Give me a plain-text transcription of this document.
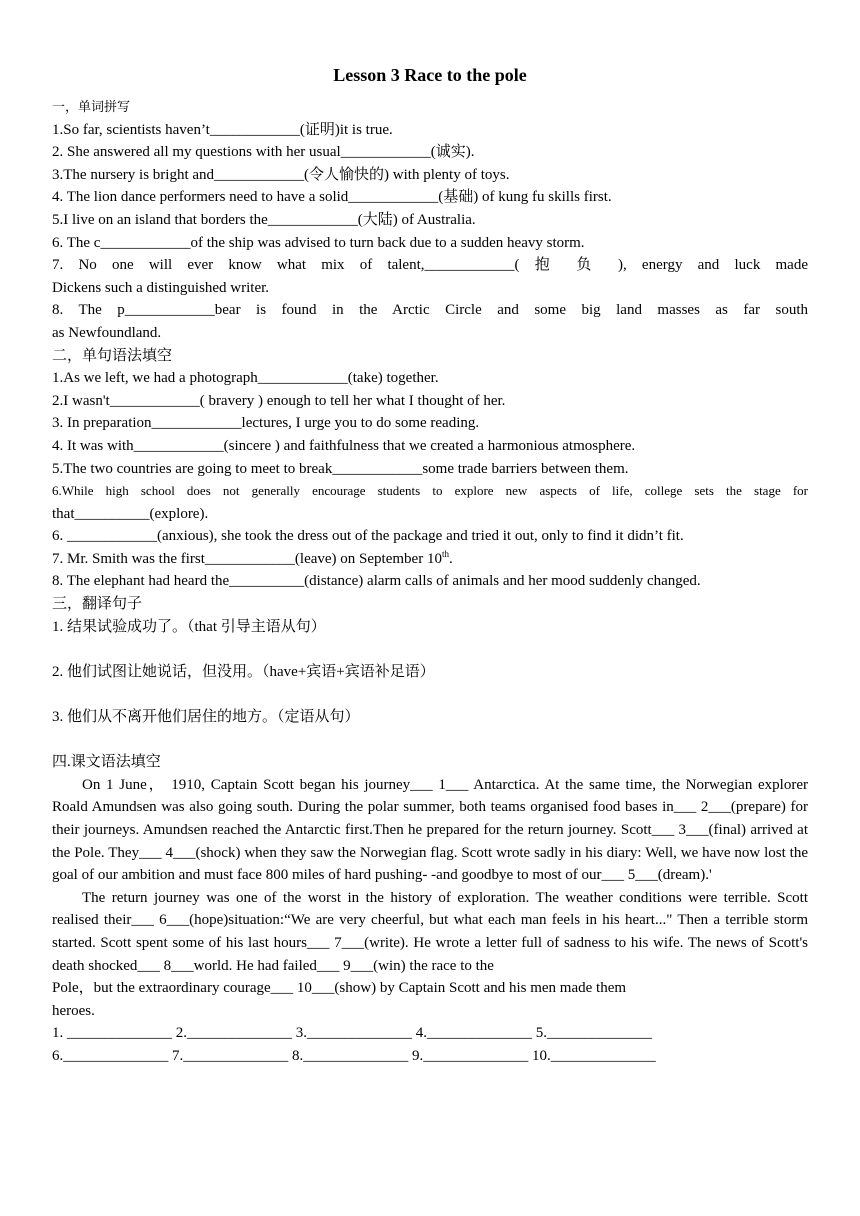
Lesson 3 Race to the pole
一，单词拼写
1.So far, scientists haven’t____________(证明)it is true.
2. She answered all my questions with her usual____________(诚实).
3.The nursery is bright and____________(令人愉快的) with plenty of toys.
4. The lion dance performers need to have a solid____________(基础) of kung fu skills first.
5.I live on an island that borders the____________(大陆) of Australia.
6. The c____________of the ship was advised to turn back due to a sudden heavy storm.
7. No one will ever know what mix of talent,____________( 抱 负 ), energy and luck made
Dickens such a distinguished writer.
8. The p____________bear is found in the Arctic Circle and some big land masses as far south
as Newfoundland.
二，单句语法填空
1.As we left, we had a photograph____________(take) together.
2.I wasn't____________( bravery ) enough to tell her what I thought of her.
3. In preparation____________lectures, I urge you to do some reading.
4. It was with____________(sincere ) and faithfulness that we created a harmonious atmosphere.
5.The two countries are going to meet to break____________some trade barriers between them.
6.While high school does not generally encourage students to explore new aspects of life, college sets the stage for
that__________(explore).
6. ____________(anxious), she took the dress out of the package and tried it out, only to find it didn’t fit.
7. Mr. Smith was the first____________(leave) on September 10th.
8. The elephant had heard the__________(distance) alarm calls of animals and her mood suddenly changed.
三，翻译句子
1. 结果试验成功了。（that 引导主语从句）
2. 他们试图让她说话，但没用。（have+宾语+宾语补足语）
3. 他们从不离开他们居住的地方。（定语从句）
四.课文语法填空
On 1 June， 1910, Captain Scott began his journey___ 1___ Antarctica. At the same time, the Norwegian explorer Roald Amundsen was also going south. During the polar summer, both teams organised food bases in___ 2___(prepare) for their journeys. Amundsen reached the Antarctic first.Then he prepared for the return journey. Scott___ 3___(final) arrived at the Pole. They___ 4___(shock) when they saw the Norwegian flag. Scott wrote sadly in his diary: Well, we have now lost the goal of our ambition and must face 800 miles of hard pushing- -and goodbye to most of our___ 5___(dream).'
The return journey was one of the worst in the history of exploration. The weather conditions were terrible. Scott realised their___ 6___(hope)situation:“We are very cheerful, but what each man feels in his heart..." Then a terrible storm started. Scott spent some of his last hours___ 7___(write). He wrote a letter full of sadness to his wife. The news of Scott's death shocked___ 8___world. He had failed___ 9___(win) the race to the
Pole，but the extraordinary courage___ 10___(show) by Captain Scott and his men made them
heroes.
1. ______________ 2.______________ 3.______________ 4.______________ 5.______________
6.______________ 7.______________ 8.______________ 9.______________ 10.______________
